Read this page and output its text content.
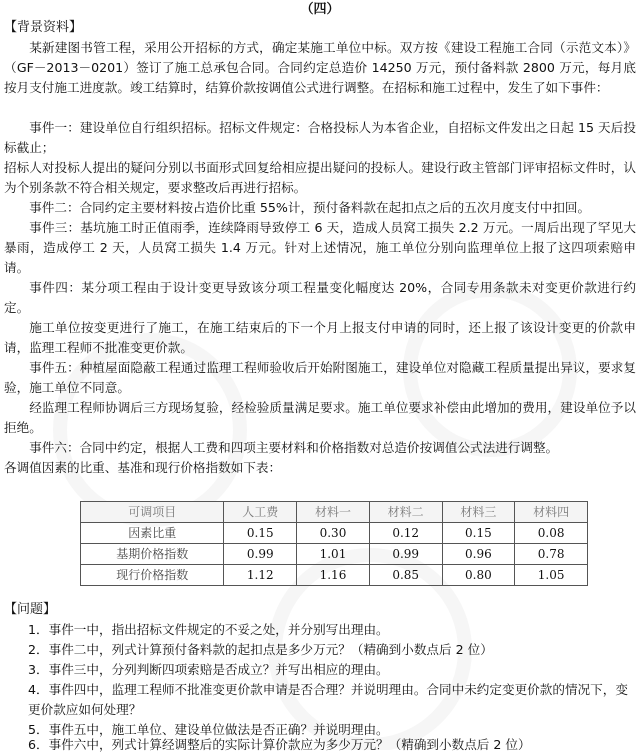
（四）
【背景资料】

某新建图书管工程，采用公开招标的方式，确定某施工单位中标。双方按《建设工程施工合同（示范文本）》（GF－2013－0201）签订了施工总承包合同。合同约定总造价 14250 万元，预付备料款 2800 万元，每月底按月支付施工进度款。竣工结算时，结算价款按调值公式进行调整。在招标和施工过程中，发生了如下事件：

事件一：建设单位自行组织招标。招标文件规定：合格投标人为本省企业，自招标文件发出之日起 15 天后投标截止；

招标人对投标人提出的疑问分别以书面形式回复给相应提出疑问的投标人。建设行政主管部门评审招标文件时，认为个别条款不符合相关规定，要求整改后再进行招标。

事件二：合同约定主要材料按占造价比重 55%计，预付备料款在起扣点之后的五次月度支付中扣回。

事件三：基坑施工时正值雨季，连续降雨导致停工 6 天，造成人员窝工损失 2.2 万元。一周后出现了罕见大暴雨，造成停工 2 天，人员窝工损失 1.4 万元。针对上述情况，施工单位分别向监理单位上报了这四项索赔申请。

事件四：某分项工程由于设计变更导致该分项工程量变化幅度达 20%，合同专用条款未对变更价款进行约定。

施工单位按变更进行了施工，在施工结束后的下一个月上报支付申请的同时，还上报了该设计变更的价款申请，监理工程师不批准变更价款。

事件五：种植屋面隐蔽工程通过监理工程师验收后开始附图施工，建设单位对隐藏工程质量提出异议，要求复验，施工单位不同意。

经监理工程师协调后三方现场复验，经检验质量满足要求。施工单位要求补偿由此增加的费用，建设单位予以拒绝。

事件六：合同中约定，根据人工费和四项主要材料和价格指数对总造价按调值公式法进行调整。

各调值因素的比重、基准和现行价格指数如下表：

可调项目	人工费	材料一	材料二	材料三	材料四
因素比重	0.15	0.30	0.12	0.15	0.08
基期价格指数	0.99	1.01	0.99	0.96	0.78
现行价格指数	1.12	1.16	0.85	0.80	1.05
【问题】

1．事件一中，指出招标文件规定的不妥之处，并分别写出理由。

2．事件二中，列式计算预付备料款的起扣点是多少万元？（精确到小数点后 2 位）

3．事件三中，分列判断四项索赔是否成立？并写出相应的理由。

4．事件四中，监理工程师不批准变更价款申请是否合理？并说明理由。合同中未约定变更价款的情况下，变更价款应如何处理？

5．事件五中，施工单位、建设单位做法是否正确？并说明理由。

6．事件六中，列式计算经调整后的实际计算价款应为多少万元？（精确到小数点后 2 位）
